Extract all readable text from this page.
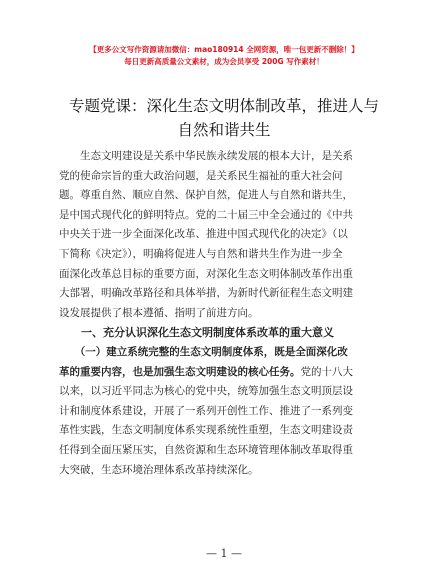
【更多公文写作资源请加微信：mao180914 全网资源，唯一包更新不删除！】
每日更新高质量公文素材，成为会员享受 200G 写作素材！
专题党课：深化生态文明体制改革，推进人与
自然和谐共生

　　生态文明建设是关系中华民族永续发展的根本大计，是关系

党的使命宗旨的重大政治问题，是关系民生福祉的重大社会问

题。尊重自然、顺应自然、保护自然，促进人与自然和谐共生，

是中国式现代化的鲜明特点。党的二十届三中全会通过的《中共

中央关于进一步全面深化改革、推进中国式现代化的决定》（以

下简称《决定》），明确将促进人与自然和谐共生作为进一步全

面深化改革总目标的重要方面，对深化生态文明体制改革作出重

大部署，明确改革路径和具体举措，为新时代新征程生态文明建

设发展提供了根本遵循、指明了前进方向。

　　一、充分认识深化生态文明制度体系改革的重大意义

　　（一）建立系统完整的生态文明制度体系，既是全面深化改

革的重要内容，也是加强生态文明建设的核心任务。党的十八大

以来，以习近平同志为核心的党中央，统筹加强生态文明顶层设

计和制度体系建设，开展了一系列开创性工作、推进了一系列变

革性实践，生态文明制度体系实现系统性重塑，生态文明建设责

任得到全面压紧压实，自然资源和生态环境管理体制改革取得重

大突破，生态环境治理体系改革持续深化。

— 1 —
